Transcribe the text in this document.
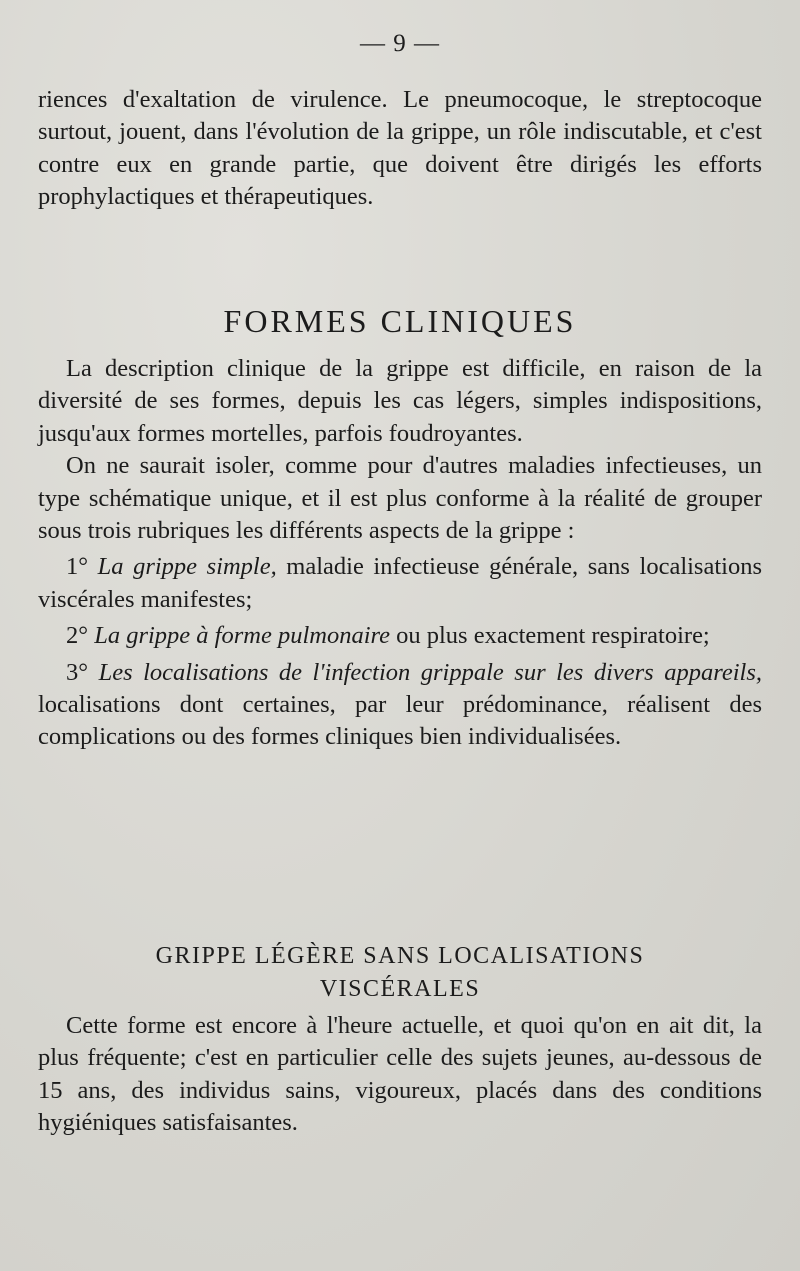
— 9 —

riences d'exaltation de virulence. Le pneumocoque, le streptocoque surtout, jouent, dans l'évolution de la grippe, un rôle indiscutable, et c'est contre eux en grande partie, que doivent être dirigés les efforts prophylactiques et thérapeutiques.

FORMES CLINIQUES

La description clinique de la grippe est difficile, en raison de la diversité de ses formes, depuis les cas légers, simples indispositions, jusqu'aux formes mortelles, parfois foudroyantes.

On ne saurait isoler, comme pour d'autres maladies infectieuses, un type schématique unique, et il est plus conforme à la réalité de grouper sous trois rubriques les différents aspects de la grippe :

1° La grippe simple, maladie infectieuse générale, sans localisations viscérales manifestes;

2° La grippe à forme pulmonaire ou plus exactement respiratoire;

3° Les localisations de l'infection grippale sur les divers appareils, localisations dont certaines, par leur prédominance, réalisent des complications ou des formes cliniques bien individualisées.

GRIPPE LÉGÈRE SANS LOCALISATIONS
VISCÉRALES

Cette forme est encore à l'heure actuelle, et quoi qu'on en ait dit, la plus fréquente; c'est en particulier celle des sujets jeunes, au-dessous de 15 ans, des individus sains, vigoureux, placés dans des conditions hygiéniques satisfaisantes.
